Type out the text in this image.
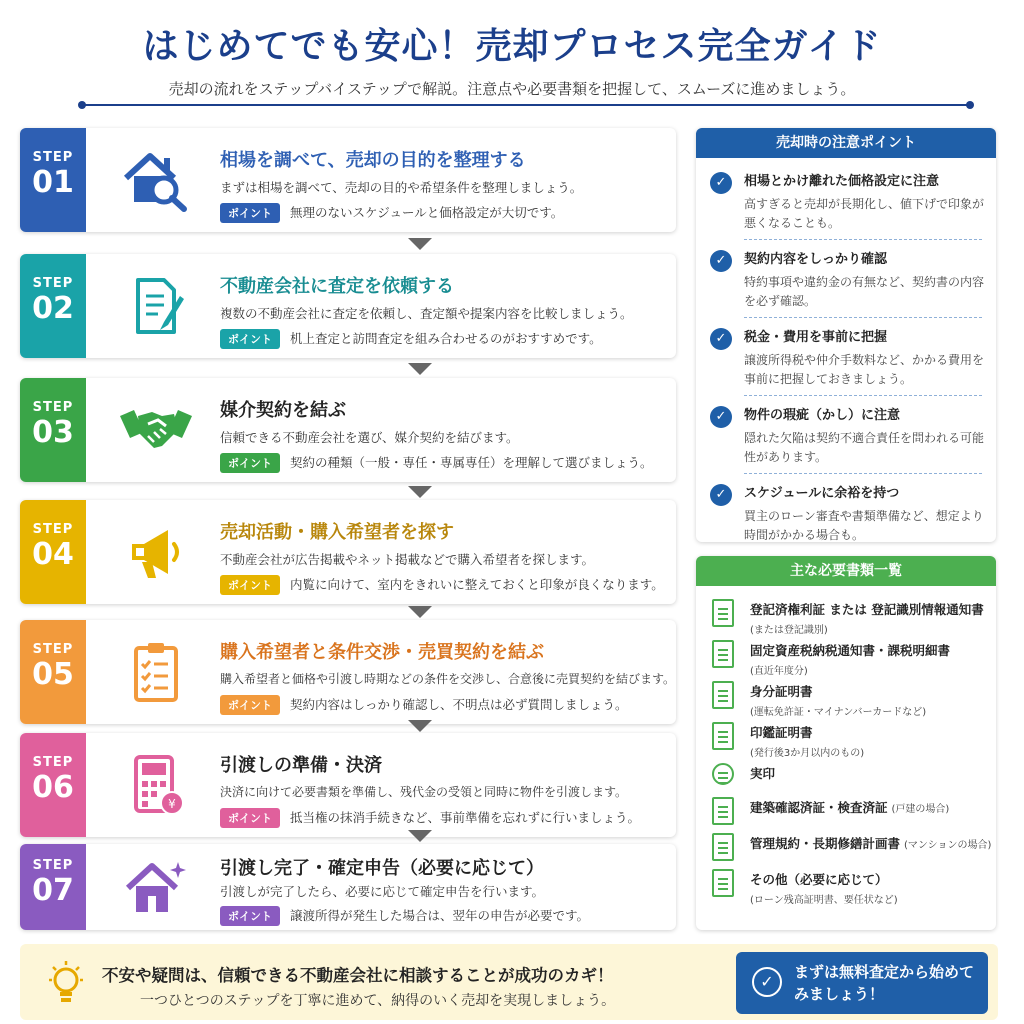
はじめてでも安心！売却プロセス完全ガイド
売却の流れをステップバイステップで解説。注意点や必要書類を把握して、スムーズに進めましょう。
STEP
01
相場を調べて、売却の目的を整理する
まずは相場を調べて、売却の目的や希望条件を整理しましょう。
ポイント 無理のないスケジュールと価格設定が大切です。
STEP
02
不動産会社に査定を依頼する
複数の不動産会社に査定を依頼し、査定額や提案内容を比較しましょう。
ポイント 机上査定と訪問査定を組み合わせるのがおすすめです。
STEP
03
媒介契約を結ぶ
信頼できる不動産会社を選び、媒介契約を結びます。
ポイント 契約の種類（一般・専任・専属専任）を理解して選びましょう。
STEP
04
売却活動・購入希望者を探す
不動産会社が広告掲載やネット掲載などで購入希望者を探します。
ポイント 内覧に向けて、室内をきれいに整えておくと印象が良くなります。
STEP
05
購入希望者と条件交渉・売買契約を結ぶ
購入希望者と価格や引渡し時期などの条件を交渉し、合意後に売買契約を結びます。
ポイント 契約内容はしっかり確認し、不明点は必ず質問しましょう。
STEP
06	¥
引渡しの準備・決済
決済に向けて必要書類を準備し、残代金の受領と同時に物件を引渡します。
ポイント 抵当権の抹消手続きなど、事前準備を忘れずに行いましょう。
STEP
07
引渡し完了・確定申告（必要に応じて）
引渡しが完了したら、必要に応じて確定申告を行います。
ポイント 譲渡所得が発生した場合は、翌年の申告が必要です。
売却時の注意ポイント
✓	相場とかけ離れた価格設定に注意
高すぎると売却が長期化し、値下げで印象が悪くなることも。
✓	契約内容をしっかり確認
特約事項や違約金の有無など、契約書の内容を必ず確認。
✓	税金・費用を事前に把握
譲渡所得税や仲介手数料など、かかる費用を事前に把握しておきましょう。
✓	物件の瑕疵（かし）に注意
隠れた欠陥は契約不適合責任を問われる可能性があります。
✓	スケジュールに余裕を持つ
買主のローン審査や書類準備など、想定より時間がかかる場合も。
主な必要書類一覧
登記済権利証 または 登記識別情報通知書
(または登記識別)
固定資産税納税通知書・課税明細書
(直近年度分)
身分証明書
(運転免許証・マイナンバーカードなど)
印鑑証明書
(発行後3か月以内のもの)
実印
建築確認済証・検査済証 (戸建の場合)
管理規約・長期修繕計画書 (マンションの場合)
その他（必要に応じて）
(ローン残高証明書、要任状など)
不安や疑問は、信頼できる不動産会社に相談することが成功のカギ！
一つひとつのステップを丁寧に進めて、納得のいく売却を実現しましょう。
✓	まずは無料査定から始めてみましょう！
